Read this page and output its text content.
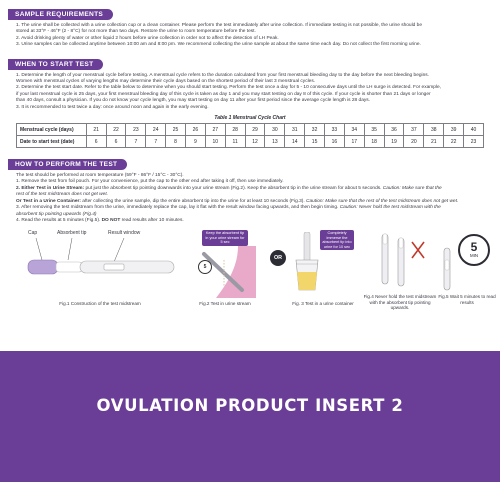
SAMPLE REQUIREMENTS

1. The urine shall be collected with a urine collection cup or a clean container. Please perform the test immediately after urine collection. If immediate testing is not possible, the urine should be

stored at 33°F - 46°F (2 - 8°C) for not more than two days. Restore the urine to room temperature before the test.

2. Avoid drinking plenty of water or other liquid 2 hours before urine collection in order not to affect the detection of LH Peak.

3. Urine samples can be collected anytime between 10:00 am and 8:00 pm. We recommend collecting the urine sample at about the same time each day. Do not collect the first morning urine.

WHEN TO START TEST

1. Determine the length of your menstrual cycle before testing. A menstrual cycle refers to the duration calculated from your first menstrual bleeding day to the day before the next bleeding begins.

Women with menstrual cycles of varying lengths may determine their cycle days based on the shortest period of their last 3 menstrual cycles.

2. Determine the test start date. Refer to the table below to determine when you should start testing. Perform the test once a day for 5 - 10 consecutive days until the LH surge is detected. For example,

if your last menstrual cycle is 25 days, your first menstrual bleeding day of this cycle is taken as day 1 and you may start testing on day 8 of this cycle. If your cycle is shorter than 21 days or longer

than 40 days, consult a physician. If you do not know your cycle length, you may start testing on day 11 after your first period since the average cycle length is 28 days.

3. It is recommended to test twice a day: once around noon and again in the early evening.

Table 1 Menstrual Cycle Chart
Menstrual cycle (days)	21	22	23	24	25	26	27	28	29	30	31	32	33	34	35	36	37	38	39	40
Date to start test (date)	6	6	7	7	8	9	10	11	12	13	14	15	16	17	18	19	20	21	22	23
HOW TO PERFORM THE TEST

The test should be performed at room temperature (59°F - 86°F / 15°C - 30°C).

1. Remove the test from foil pouch. For your convenience, put the cap to the other end after taking it off, then use immediately.

2. Either Test in Urine Stream: put just the absorbent tip pointing downwards into your urine stream (Fig.2). Keep the absorbent tip in the urine stream for about 5 seconds. Caution: Make sure that the

rest of the test midstream does not get wet.

Or Test in a Urine Container: after collecting the urine sample, dip the entire absorbent tip into the urine for at least 10 seconds (Fig.3). Caution: Make sure that the rest of the test midstream does not get wet.

3. After removing the test midstream from the urine, immediately replace the cap, lay it flat with the result window facing upwards, and then begin timing. Caution: Never hold the test midstream with the

absorbent tip pointing upwards (Fig.4)

4. Read the results at 5 minutes (Fig.5). DO NOT read results after 10 minutes.

Cap	Absorbent tip	Result window
Fig.1 Construction of the test midstream
Keep the absorbent tip in your urine stream for 5 sec
5
Fig.2 Test in urine stream
OR
Completely immerse the absorbent tip into urine for 10 sec
Fig. 3 Test in a urine container
Fig.4 Never hold the test midstream with the absorbent tip pointing upwards.
5
MIN
Fig.5 Wait 5 minutes to read results
OVULATION PRODUCT INSERT 2
